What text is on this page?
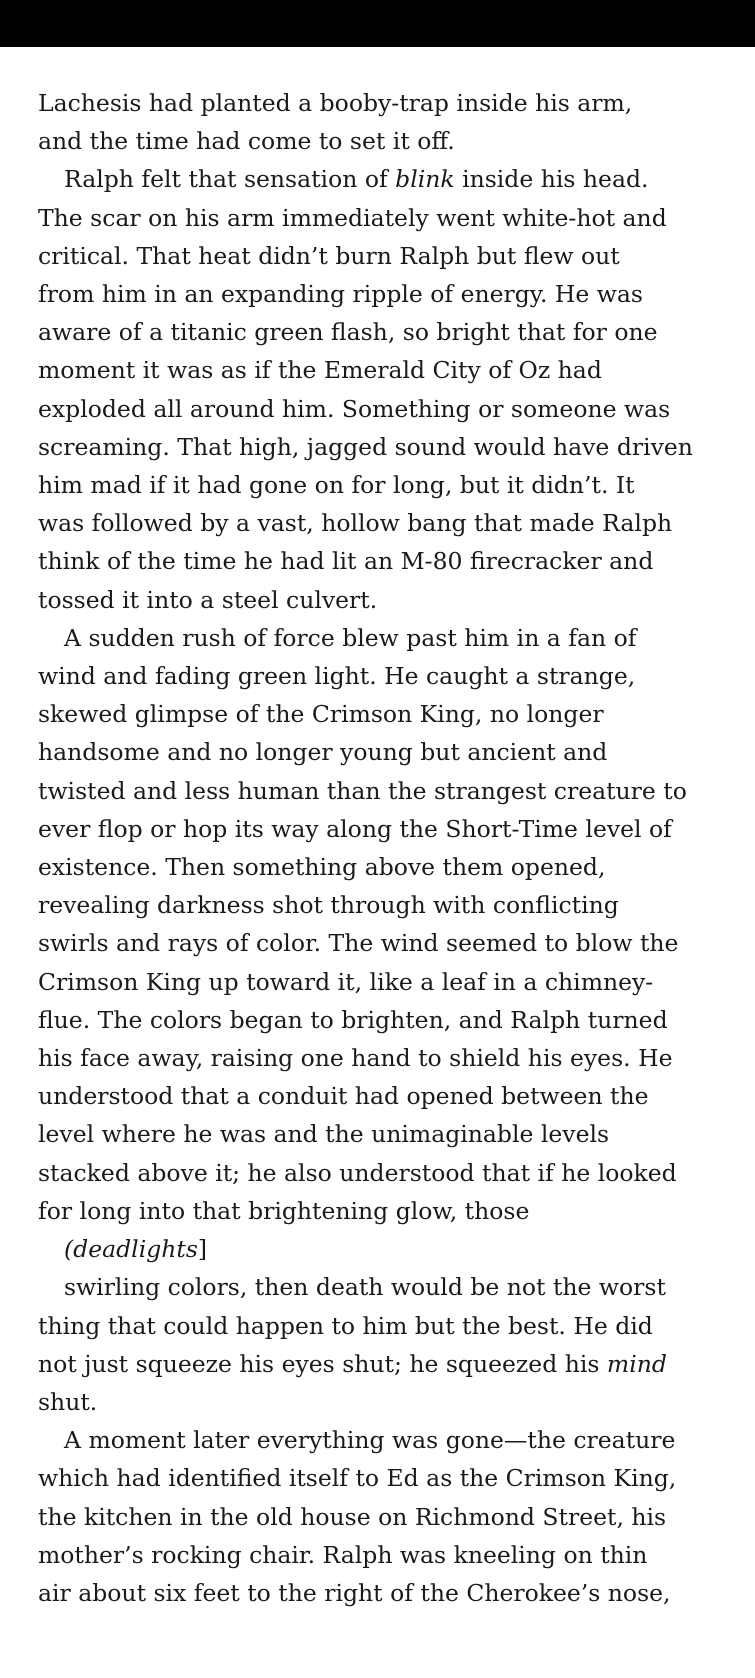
Lachesis had planted a booby-trap inside his arm,
and the time had come to set it off.
Ralph felt that sensation of blink inside his head.
The scar on his arm immediately went white-hot and
critical. That heat didn’t burn Ralph but flew out
from him in an expanding ripple of energy. He was
aware of a titanic green flash, so bright that for one
moment it was as if the Emerald City of Oz had
exploded all around him. Something or someone was
screaming. That high, jagged sound would have driven
him mad if it had gone on for long, but it didn’t. It
was followed by a vast, hollow bang that made Ralph
think of the time he had lit an M-80 firecracker and
tossed it into a steel culvert.
A sudden rush of force blew past him in a fan of
wind and fading green light. He caught a strange,
skewed glimpse of the Crimson King, no longer
handsome and no longer young but ancient and
twisted and less human than the strangest creature to
ever flop or hop its way along the Short-Time level of
existence. Then something above them opened,
revealing darkness shot through with conflicting
swirls and rays of color. The wind seemed to blow the
Crimson King up toward it, like a leaf in a chimney-
flue. The colors began to brighten, and Ralph turned
his face away, raising one hand to shield his eyes. He
understood that a conduit had opened between the
level where he was and the unimaginable levels
stacked above it; he also understood that if he looked
for long into that brightening glow, those
(deadlights]
swirling colors, then death would be not the worst
thing that could happen to him but the best. He did
not just squeeze his eyes shut; he squeezed his mind
shut.
A moment later everything was gone—the creature
which had identified itself to Ed as the Crimson King,
the kitchen in the old house on Richmond Street, his
mother’s rocking chair. Ralph was kneeling on thin
air about six feet to the right of the Cherokee’s nose,
